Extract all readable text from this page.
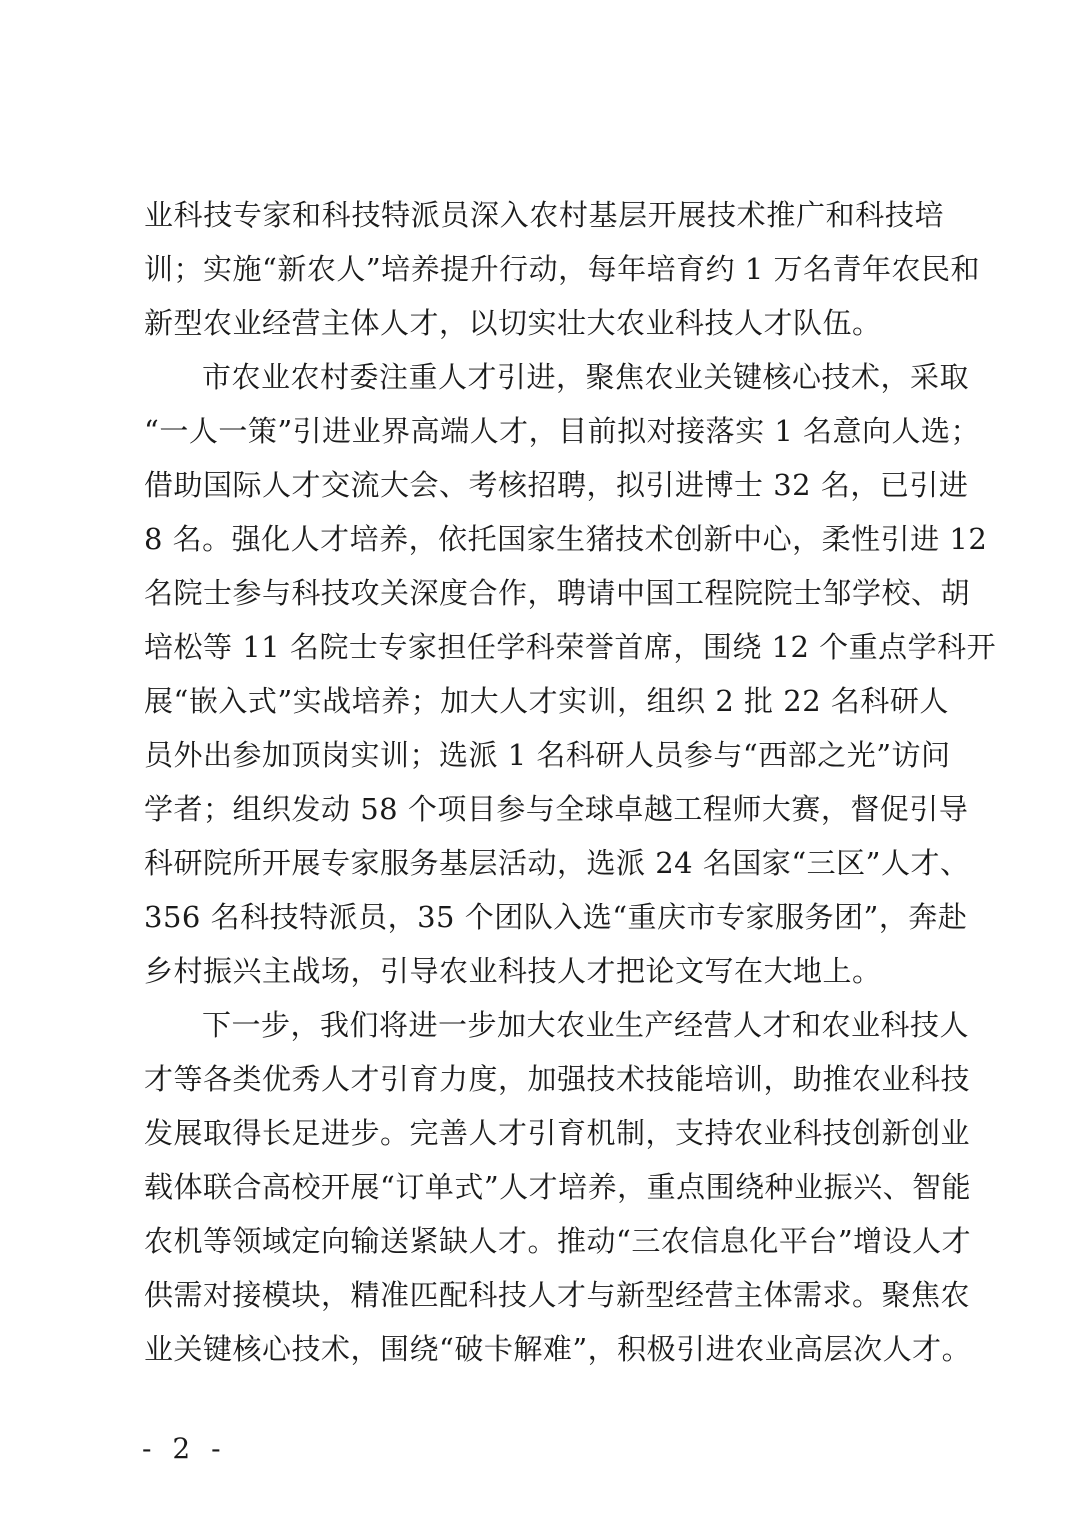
业科技专家和科技特派员深入农村基层开展技术推广和科技培
训；实施“新农人”培养提升行动，每年培育约 1 万名青年农民和
新型农业经营主体人才，以切实壮大农业科技人才队伍。
市农业农村委注重人才引进，聚焦农业关键核心技术，采取
“一人一策”引进业界高端人才，目前拟对接落实 1 名意向人选；
借助国际人才交流大会、考核招聘，拟引进博士 32 名，已引进
8 名。强化人才培养，依托国家生猪技术创新中心，柔性引进 12
名院士参与科技攻关深度合作，聘请中国工程院院士邹学校、胡
培松等 11 名院士专家担任学科荣誉首席，围绕 12 个重点学科开
展“嵌入式”实战培养；加大人才实训，组织 2 批 22 名科研人
员外出参加顶岗实训；选派 1 名科研人员参与“西部之光”访问
学者；组织发动 58 个项目参与全球卓越工程师大赛，督促引导
科研院所开展专家服务基层活动，选派 24 名国家“三区”人才、
356 名科技特派员，35 个团队入选“重庆市专家服务团”，奔赴
乡村振兴主战场，引导农业科技人才把论文写在大地上。
下一步，我们将进一步加大农业生产经营人才和农业科技人
才等各类优秀人才引育力度，加强技术技能培训，助推农业科技
发展取得长足进步。完善人才引育机制，支持农业科技创新创业
载体联合高校开展“订单式”人才培养，重点围绕种业振兴、智能
农机等领域定向输送紧缺人才。推动“三农信息化平台”增设人才
供需对接模块，精准匹配科技人才与新型经营主体需求。聚焦农
业关键核心技术，围绕“破卡解难”，积极引进农业高层次人才。
- 2 -
